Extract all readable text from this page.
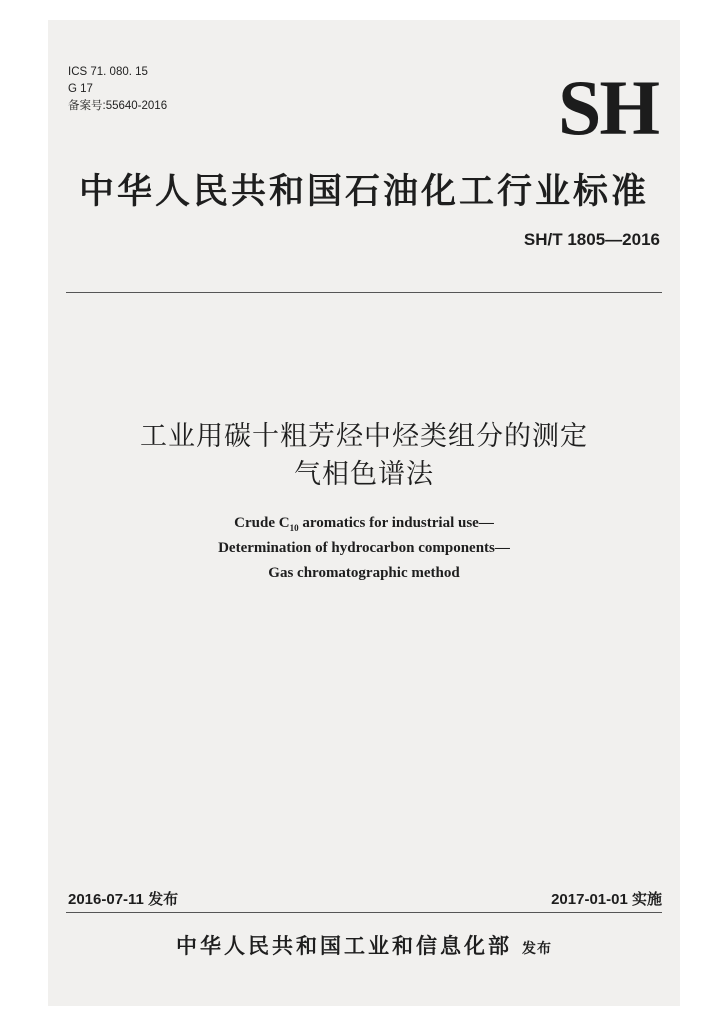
ICS 71. 080. 15
G 17
备案号:55640-2016	SH
中华人民共和国石油化工行业标准
SH/T 1805—2016
工业用碳十粗芳烃中烃类组分的测定
气相色谱法
Crude $C_{10}$ aromatics for industrial use—
Determination of hydrocarbon components—
Gas chromatographic method
2016-07-11 发布	2017-01-01 实施
中华人民共和国工业和信息化部 发布
